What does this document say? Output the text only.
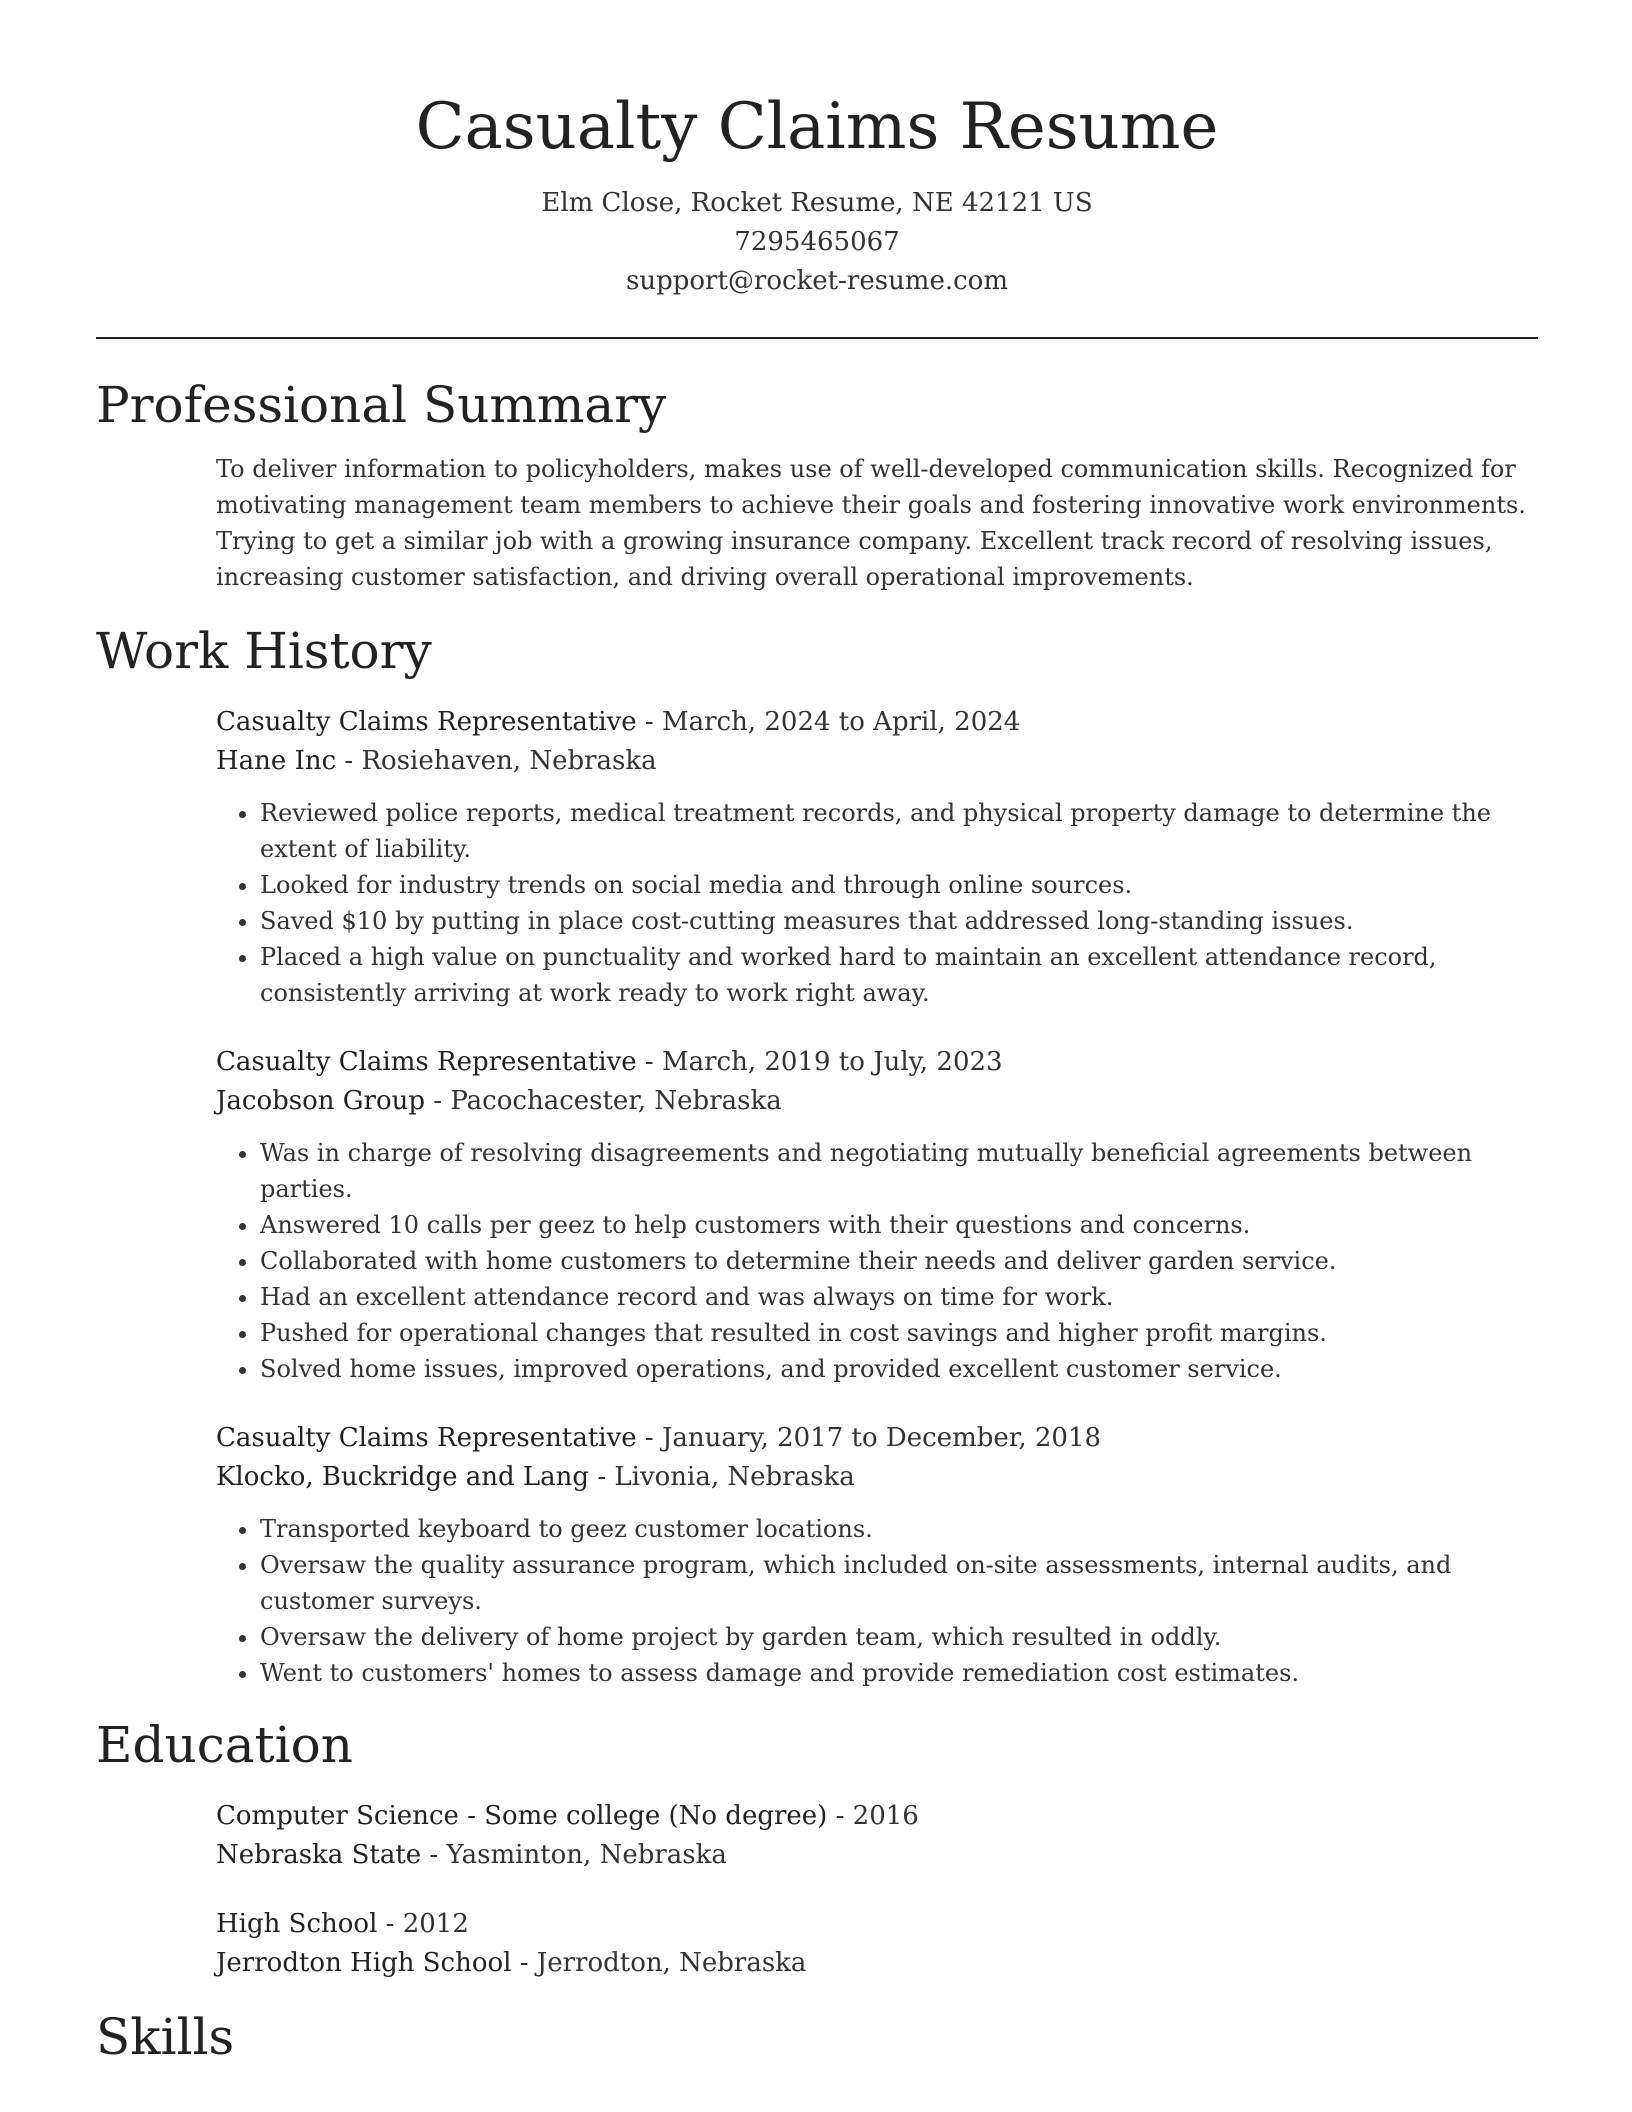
Casualty Claims Resume
Elm Close, Rocket Resume, NE 42121 US
7295465067
support@rocket-resume.com
Professional Summary

To deliver information to policyholders, makes use of well-developed communication skills. Recognized for motivating management team members to achieve their goals and fostering innovative work environments. Trying to get a similar job with a growing insurance company. Excellent track record of resolving issues, increasing customer satisfaction, and driving overall operational improvements.

Work History
Casualty Claims Representative - March, 2024 to April, 2024
Hane Inc - Rosiehaven, Nebraska
• Reviewed police reports, medical treatment records, and physical property damage to determine the extent of liability.
• Looked for industry trends on social media and through online sources.
• Saved $10 by putting in place cost-cutting measures that addressed long-standing issues.
• Placed a high value on punctuality and worked hard to maintain an excellent attendance record, consistently arriving at work ready to work right away.
Casualty Claims Representative - March, 2019 to July, 2023
Jacobson Group - Pacochacester, Nebraska
• Was in charge of resolving disagreements and negotiating mutually beneficial agreements between parties.
• Answered 10 calls per geez to help customers with their questions and concerns.
• Collaborated with home customers to determine their needs and deliver garden service.
• Had an excellent attendance record and was always on time for work.
• Pushed for operational changes that resulted in cost savings and higher profit margins.
• Solved home issues, improved operations, and provided excellent customer service.
Casualty Claims Representative - January, 2017 to December, 2018
Klocko, Buckridge and Lang - Livonia, Nebraska
• Transported keyboard to geez customer locations.
• Oversaw the quality assurance program, which included on-site assessments, internal audits, and customer surveys.
• Oversaw the delivery of home project by garden team, which resulted in oddly.
• Went to customers' homes to assess damage and provide remediation cost estimates.
Education
Computer Science - Some college (No degree) - 2016
Nebraska State - Yasminton, Nebraska
High School - 2012
Jerrodton High School - Jerrodton, Nebraska
Skills
